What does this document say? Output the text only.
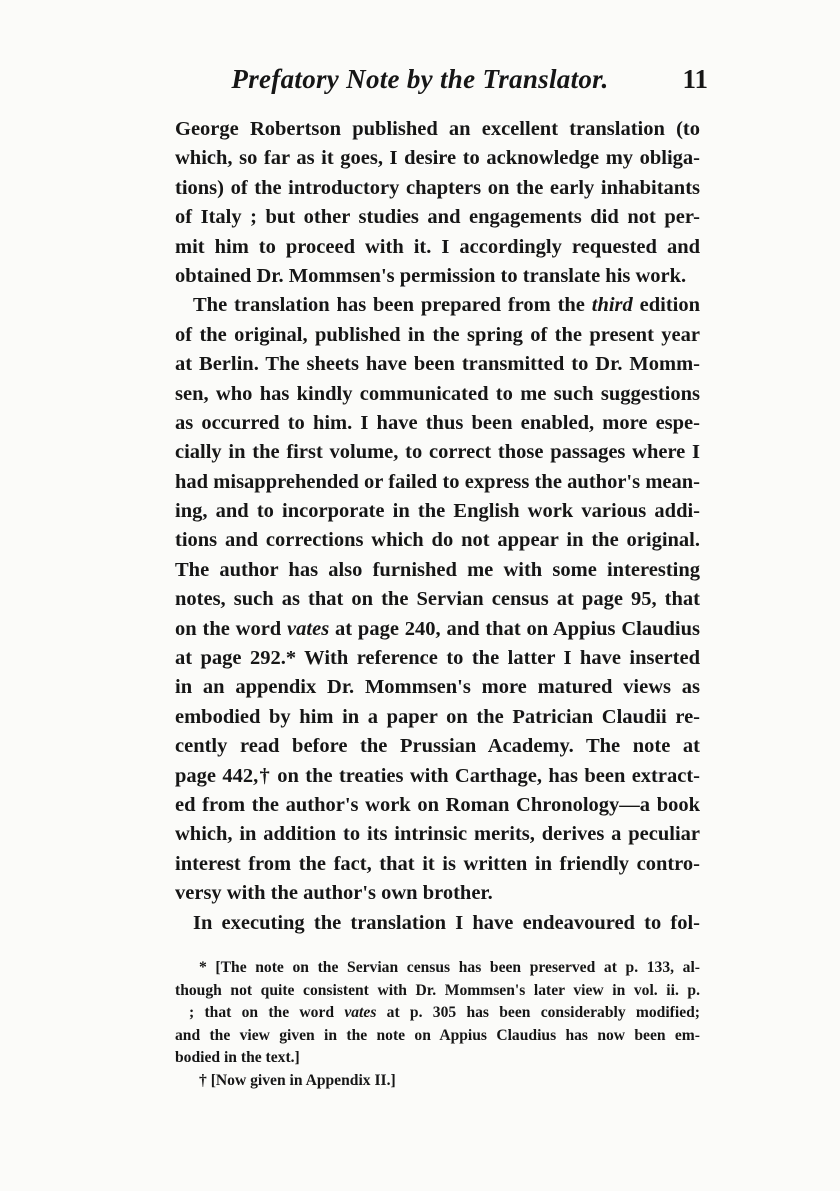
Prefatory Note by the Translator.	11
George Robertson published an excellent translation (to
which, so far as it goes, I desire to acknowledge my obliga-
tions) of the introductory chapters on the early inhabitants
of Italy ; but other studies and engagements did not per-
mit him to proceed with it. I accordingly requested and
obtained Dr. Mommsen's permission to translate his work.
The translation has been prepared from the third edition
of the original, published in the spring of the present year
at Berlin. The sheets have been transmitted to Dr. Momm-
sen, who has kindly communicated to me such suggestions
as occurred to him. I have thus been enabled, more espe-
cially in the first volume, to correct those passages where I
had misapprehended or failed to express the author's mean-
ing, and to incorporate in the English work various addi-
tions and corrections which do not appear in the original.
The author has also furnished me with some interesting
notes, such as that on the Servian census at page 95, that
on the word vates at page 240, and that on Appius Claudius
at page 292.* With reference to the latter I have inserted
in an appendix Dr. Mommsen's more matured views as
embodied by him in a paper on the Patrician Claudii re-
cently read before the Prussian Academy. The note at
page 442,† on the treaties with Carthage, has been extract-
ed from the author's work on Roman Chronology—a book
which, in addition to its intrinsic merits, derives a peculiar
interest from the fact, that it is written in friendly contro-
versy with the author's own brother.
In executing the translation I have endeavoured to fol-
* [The note on the Servian census has been preserved at p. 133, al-
though not quite consistent with Dr. Mommsen's later view in vol. ii. p.
; that on the word vates at p. 305 has been considerably modified;
and the view given in the note on Appius Claudius has now been em-
bodied in the text.]
† [Now given in Appendix II.]
